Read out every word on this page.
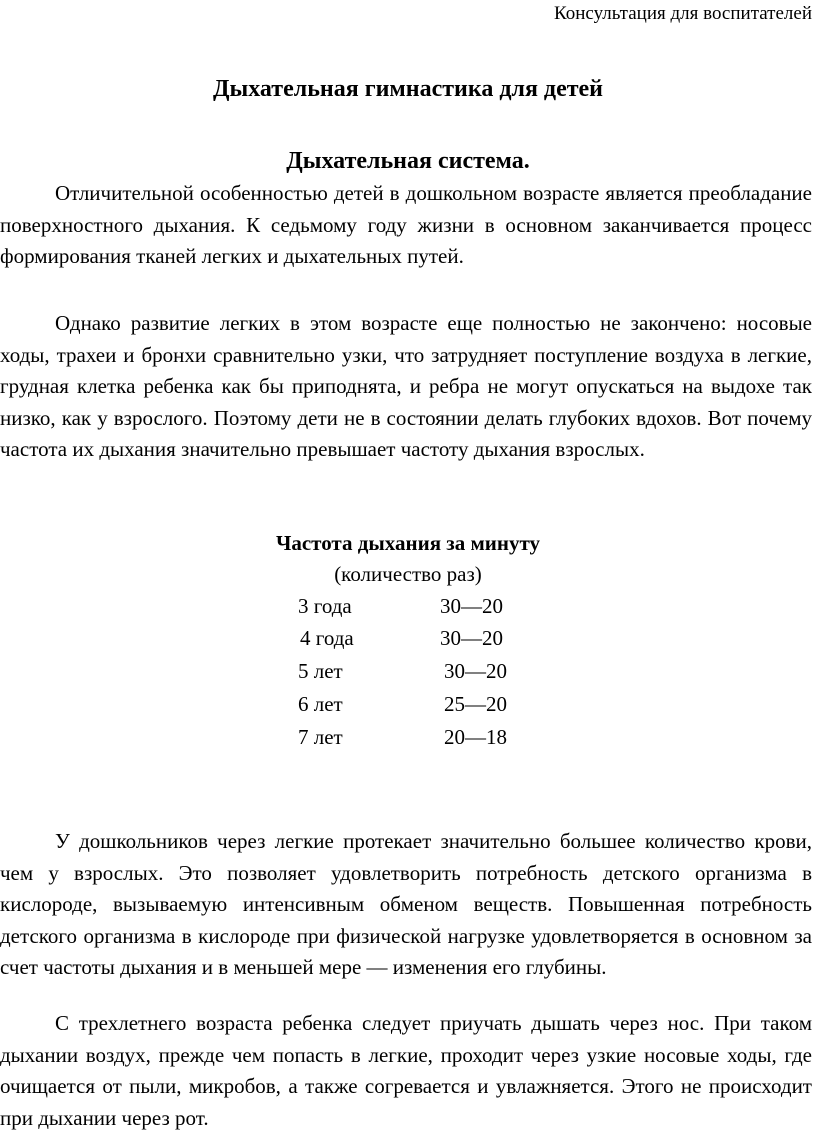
Консультация для воспитателей
Дыхательная гимнастика для детей
Дыхательная система.

Отличительной особенностью детей в дошкольном возрасте является преобладание поверхностного дыхания. К седьмому году жизни в основном заканчивается процесс формирования тканей легких и дыхательных путей.

Однако развитие легких в этом возрасте еще полностью не закончено: носовые ходы, трахеи и бронхи сравнительно узки, что затрудняет поступление воздуха в легкие, грудная клетка ребенка как бы приподнята, и ребра не могут опускаться на выдохе так низко, как у взрослого. Поэтому дети не в состоянии делать глубоких вдохов. Вот почему частота их дыхания значительно превышает частоту дыхания взрослых.

Частота дыхания за минуту
(количество раз)
3 года	30—20
4 года	30—20
5 лет	30—20
6 лет	25—20
7 лет	20—18

У дошкольников через легкие протекает значительно большее количество крови, чем у взрослых. Это позволяет удовлетворить потребность детского организма в кислороде, вызываемую интенсивным обменом веществ. Повышенная потребность детского организма в кислороде при физической нагрузке удовлетворяется в основном за счет частоты дыхания и в меньшей мере — изменения его глубины.

С трехлетнего возраста ребенка следует приучать дышать через нос. При таком дыхании воздух, прежде чем попасть в легкие, проходит через узкие носовые ходы, где очищается от пыли, микробов, а также согревается и увлажняется. Этого не происходит при дыхании через рот.
